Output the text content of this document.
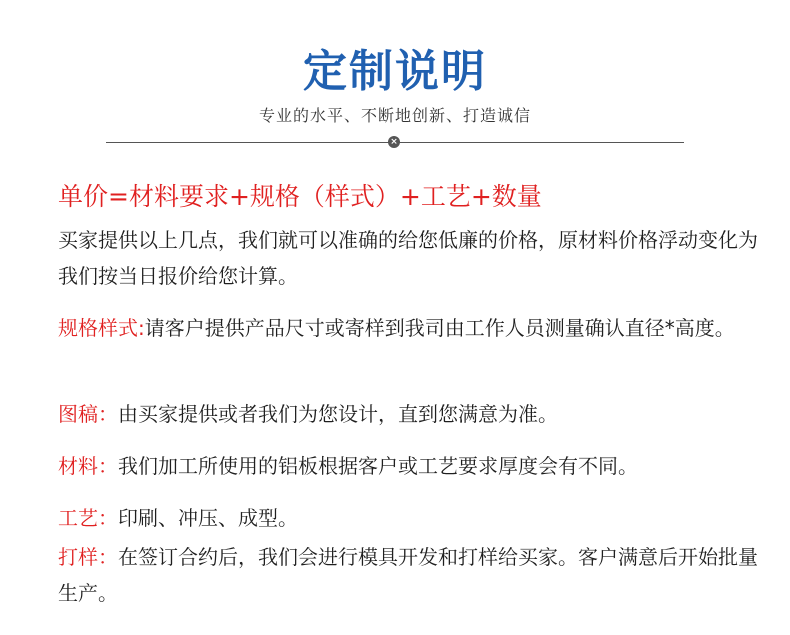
定制说明
专业的水平、不断地创新、打造诚信
×
单价=材料要求+规格（样式）+工艺+数量
买家提供以上几点，我们就可以准确的给您低廉的价格，原材料价格浮动变化为我们按当日报价给您计算。
规格样式:请客户提供产品尺寸或寄样到我司由工作人员测量确认直径*高度。
图稿：由买家提供或者我们为您设计，直到您满意为准。
材料：我们加工所使用的铝板根据客户或工艺要求厚度会有不同。
工艺：印刷、冲压、成型。
打样：在签订合约后，我们会进行模具开发和打样给买家。客户满意后开始批量生产。
